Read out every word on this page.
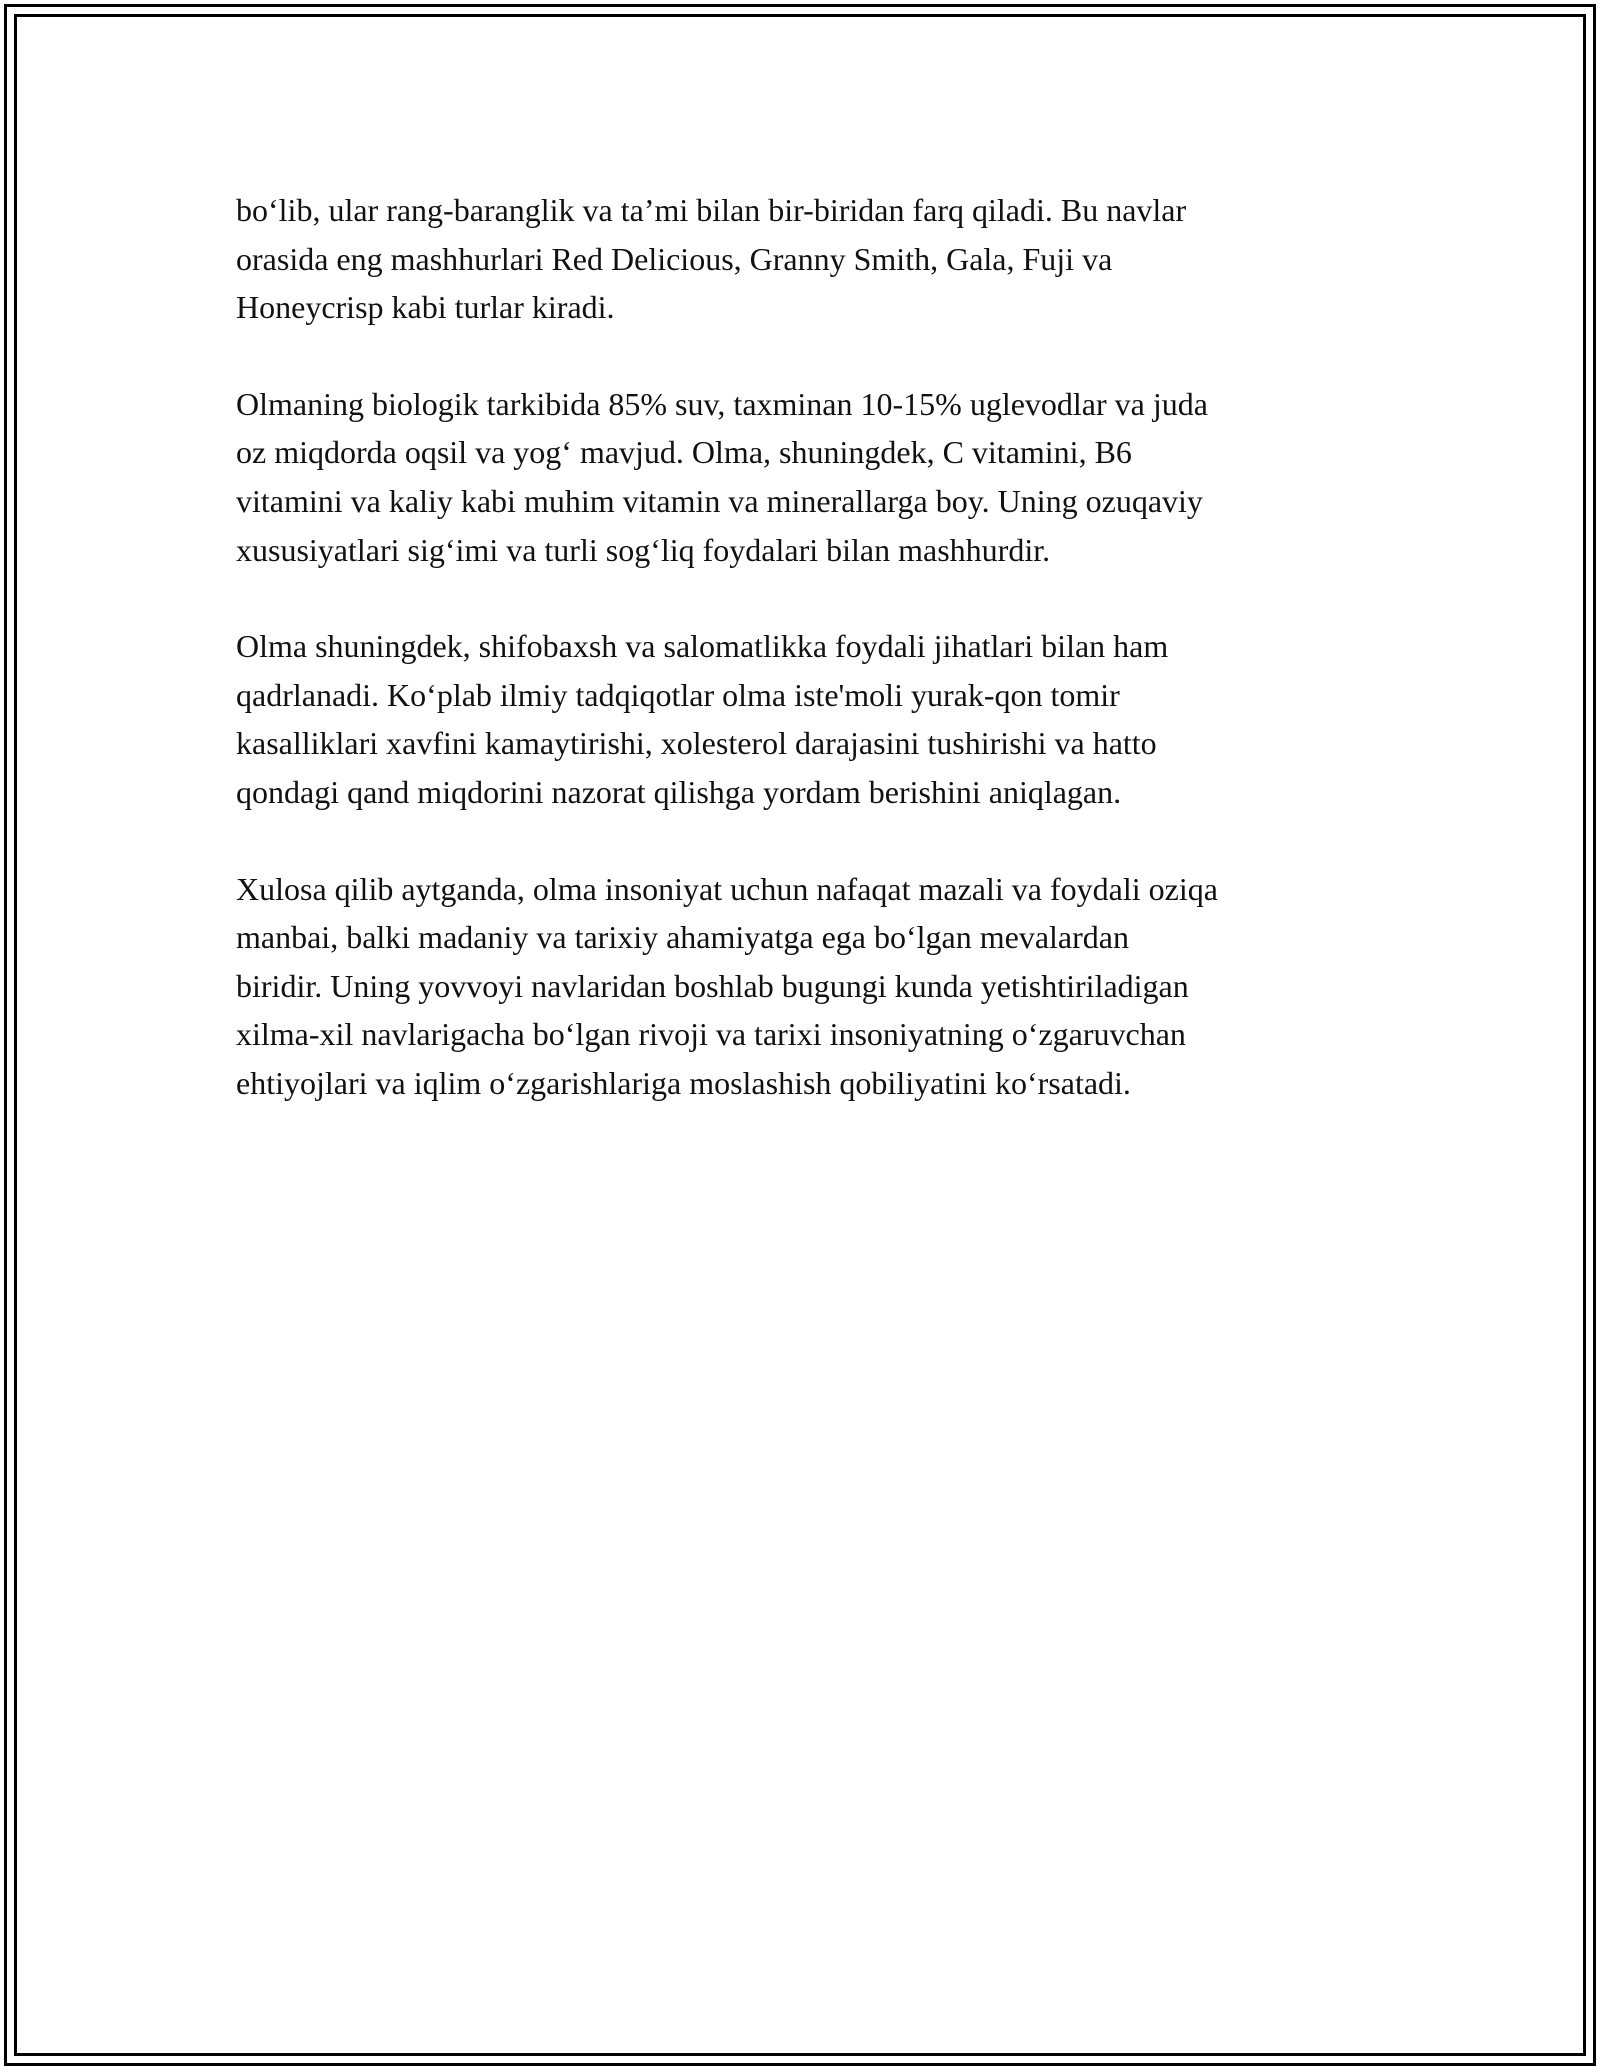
bo‘lib, ular rang-baranglik va ta’mi bilan bir-biridan farq qiladi. Bu navlar
orasida eng mashhurlari Red Delicious, Granny Smith, Gala, Fuji va
Honeycrisp kabi turlar kiradi.

Olmaning biologik tarkibida 85% suv, taxminan 10-15% uglevodlar va juda
oz miqdorda oqsil va yog‘ mavjud. Olma, shuningdek, C vitamini, B6
vitamini va kaliy kabi muhim vitamin va minerallarga boy. Uning ozuqaviy
xususiyatlari sig‘imi va turli sog‘liq foydalari bilan mashhurdir.

Olma shuningdek, shifobaxsh va salomatlikka foydali jihatlari bilan ham
qadrlanadi. Ko‘plab ilmiy tadqiqotlar olma iste'moli yurak-qon tomir
kasalliklari xavfini kamaytirishi, xolesterol darajasini tushirishi va hatto
qondagi qand miqdorini nazorat qilishga yordam berishini aniqlagan.

Xulosa qilib aytganda, olma insoniyat uchun nafaqat mazali va foydali oziqa
manbai, balki madaniy va tarixiy ahamiyatga ega bo‘lgan mevalardan
biridir. Uning yovvoyi navlaridan boshlab bugungi kunda yetishtiriladigan
xilma-xil navlarigacha bo‘lgan rivoji va tarixi insoniyatning o‘zgaruvchan
ehtiyojlari va iqlim o‘zgarishlariga moslashish qobiliyatini ko‘rsatadi.
